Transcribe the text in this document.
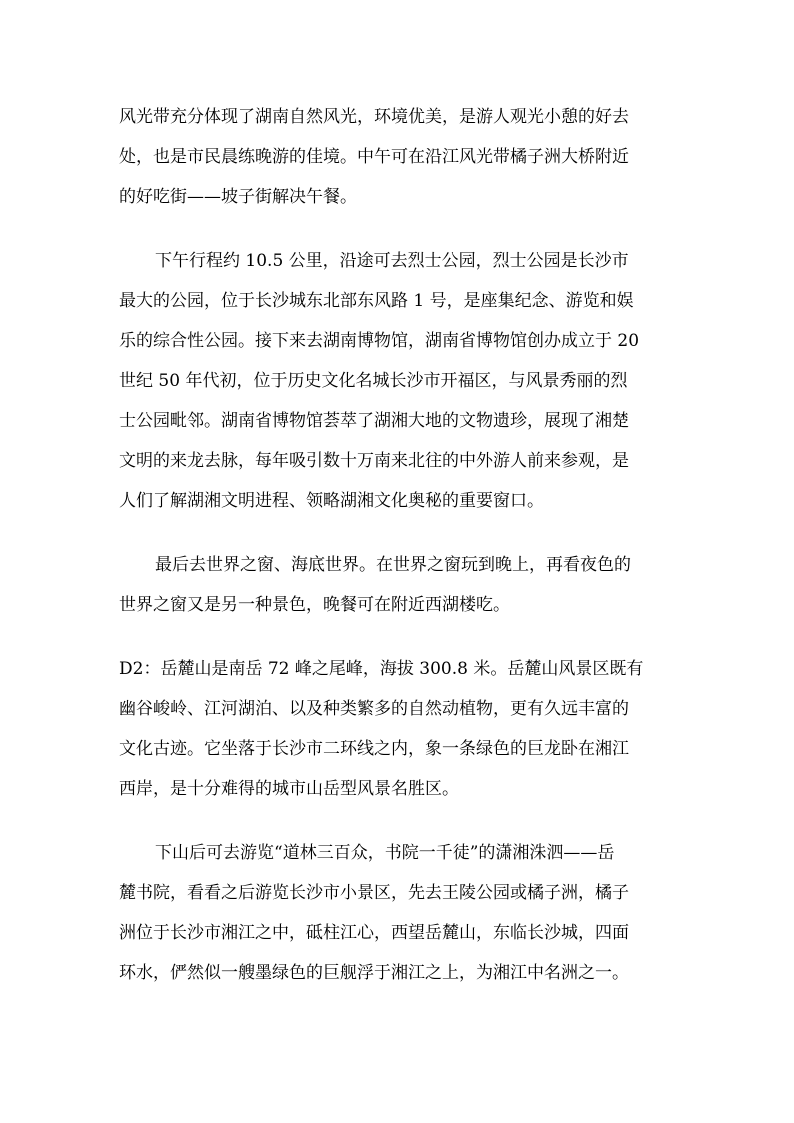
风光带充分体现了湖南自然风光，环境优美，是游人观光小憩的好去
处，也是市民晨练晚游的佳境。中午可在沿江风光带橘子洲大桥附近
的好吃街——坡子街解决午餐。
下午行程约 10.5 公里，沿途可去烈士公园，烈士公园是长沙市
最大的公园，位于长沙城东北部东风路 1 号，是座集纪念、游览和娱
乐的综合性公园。接下来去湖南博物馆，湖南省博物馆创办成立于 20
世纪 50 年代初，位于历史文化名城长沙市开福区，与风景秀丽的烈
士公园毗邻。湖南省博物馆荟萃了湖湘大地的文物遗珍，展现了湘楚
文明的来龙去脉，每年吸引数十万南来北往的中外游人前来参观，是
人们了解湖湘文明进程、领略湖湘文化奥秘的重要窗口。
最后去世界之窗、海底世界。在世界之窗玩到晚上，再看夜色的
世界之窗又是另一种景色，晚餐可在附近西湖楼吃。
D2：岳麓山是南岳 72 峰之尾峰，海拔 300.8 米。岳麓山风景区既有
幽谷峻岭、江河湖泊、以及种类繁多的自然动植物，更有久远丰富的
文化古迹。它坐落于长沙市二环线之内，象一条绿色的巨龙卧在湘江
西岸，是十分难得的城市山岳型风景名胜区。
下山后可去游览“道林三百众，书院一千徒”的潇湘洙泗——岳
麓书院，看看之后游览长沙市小景区，先去王陵公园或橘子洲，橘子
洲位于长沙市湘江之中，砥柱江心，西望岳麓山，东临长沙城，四面
环水，俨然似一艘墨绿色的巨舰浮于湘江之上，为湘江中名洲之一。
